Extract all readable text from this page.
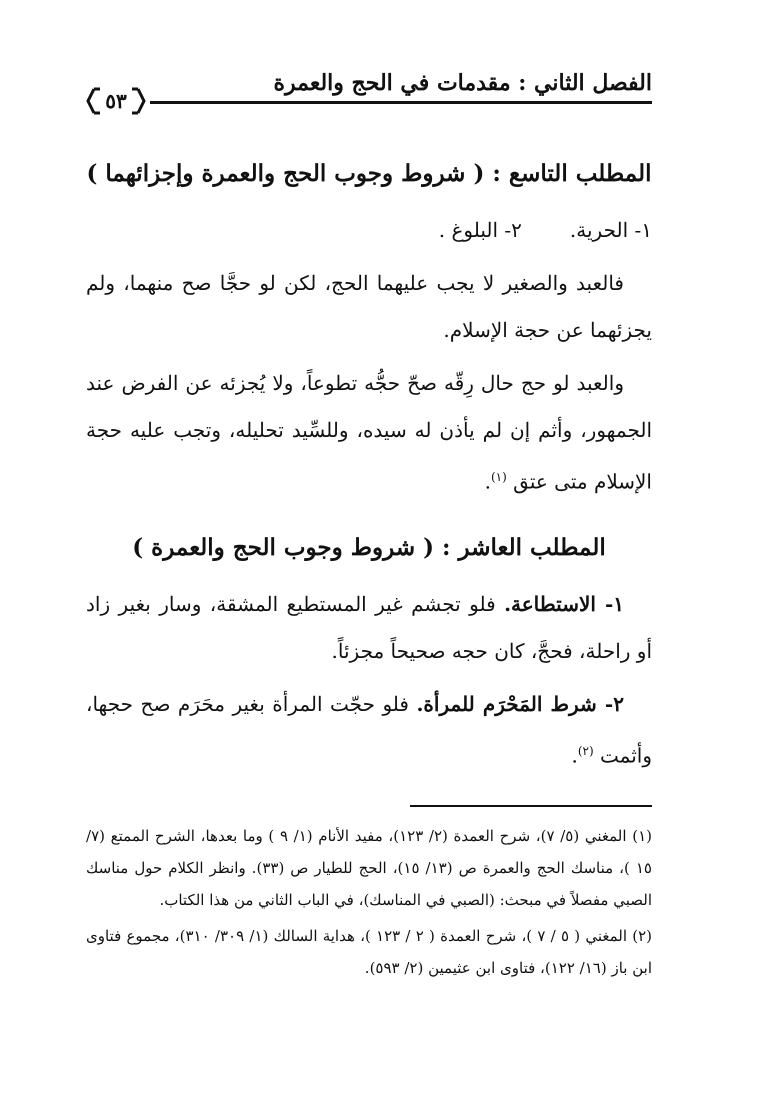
الفصل الثاني : مقدمات في الحج والعمرة
٥٣
المطلب التاسع : ( شروط وجوب الحج والعمرة وإجزائهما )

١- الحرية.٢- البلوغ .

فالعبد والصغير لا يجب عليهما الحج، لكن لو حجَّا صح منهما، ولم يجزئهما عن حجة الإسلام.

والعبد لو حج حال رِقّه صحّ حجُّه تطوعاً، ولا يُجزئه عن الفرض عند الجمهور، وأثم إن لم يأذن له سيده، وللسِّيد تحليله، وتجب عليه حجة الإسلام متى عتق $^{(١)}$.

المطلب العاشر : ( شروط وجوب الحج والعمرة )

١- الاستطاعة. فلو تجشم غير المستطيع المشقة، وسار بغير زاد أو راحلة، فحجَّ، كان حجه صحيحاً مجزئاً.

٢- شرط المَحْرَم للمرأة. فلو حجّت المرأة بغير محَرَم صح حجها، وأثمت $^{(٢)}$.

(١) المغني (٥/ ٧)، شرح العمدة (٢/ ١٢٣)، مفيد الأنام (١/ ٩ ) وما بعدها، الشرح الممتع (٧/ ١٥ )، مناسك الحج والعمرة ص (١٣/ ١٥)، الحج للطيار ص (٣٣). وانظر الكلام حول مناسك الصبي مفصلاً في مبحث: (الصبي في المناسك)، في الباب الثاني من هذا الكتاب.

(٢) المغني ( ٥ / ٧ )، شرح العمدة ( ٢ / ١٢٣ )، هداية السالك (١/ ٣٠٩/ ٣١٠)، مجموع فتاوى ابن باز (١٦/ ١٢٢)، فتاوى ابن عثيمين (٢/ ٥٩٣).
